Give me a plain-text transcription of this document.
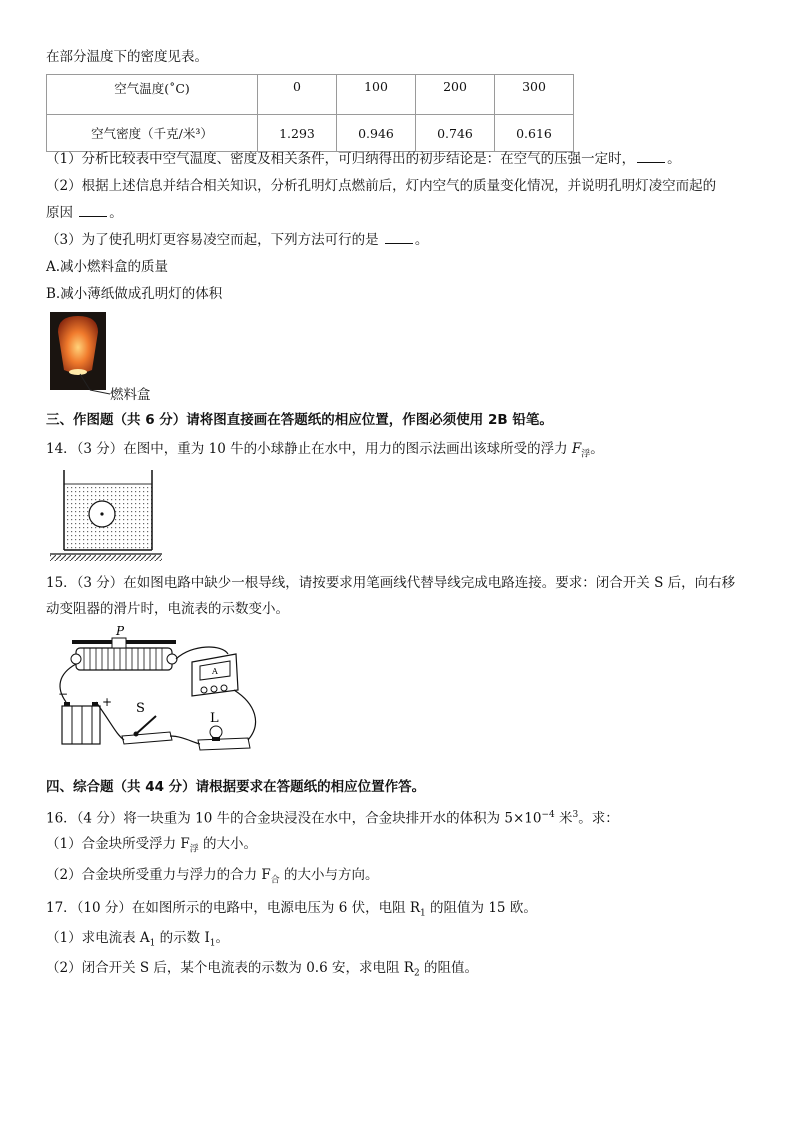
在部分温度下的密度见表。
空气温度(˚C)	0	100	200	300
空气密度（千克/米³）	1.293	0.946	0.746	0.616
（1）分析比较表中空气温度、密度及相关条件，可归纳得出的初步结论是：在空气的压强一定时， 。
（2）根据上述信息并结合相关知识，分析孔明灯点燃前后，灯内空气的质量变化情况，并说明孔明灯凌空而起的
原因	。
（3）为了使孔明灯更容易凌空而起，下列方法可行的是	。
A.减小燃料盒的质量
B.减小薄纸做成孔明灯的体积
燃料盒
三、作图题（共 6 分）请将图直接画在答题纸的相应位置，作图必须使用 2B 铅笔。
14．（3 分）在图中，重为 10 牛的小球静止在水中，用力的图示法画出该球所受的浮力 $F_浮$。
15．（3 分）在如图电路中缺少一根导线，请按要求用笔画线代替导线完成电路连接。要求：闭合开关 S 后，向右移
动变阻器的滑片时，电流表的示数变小。
P
A
−
+ S
L
四、综合题（共 44 分）请根据要求在答题纸的相应位置作答。
16．（4 分）将一块重为 10 牛的合金块浸没在水中，合金块排开水的体积为 $5\times 10^{-4}$ 米$^3$。求：
（1）合金块所受浮力 $F_浮$ 的大小。
（2）合金块所受重力与浮力的合力 $F_合$ 的大小与方向。
17．（10 分）在如图所示的电路中，电源电压为 6 伏，电阻 $R_1$ 的阻值为 15 欧。
（1）求电流表 $A_1$ 的示数 $I_1$。
（2）闭合开关 S 后，某个电流表的示数为 0.6 安，求电阻 $R_2$ 的阻值。
